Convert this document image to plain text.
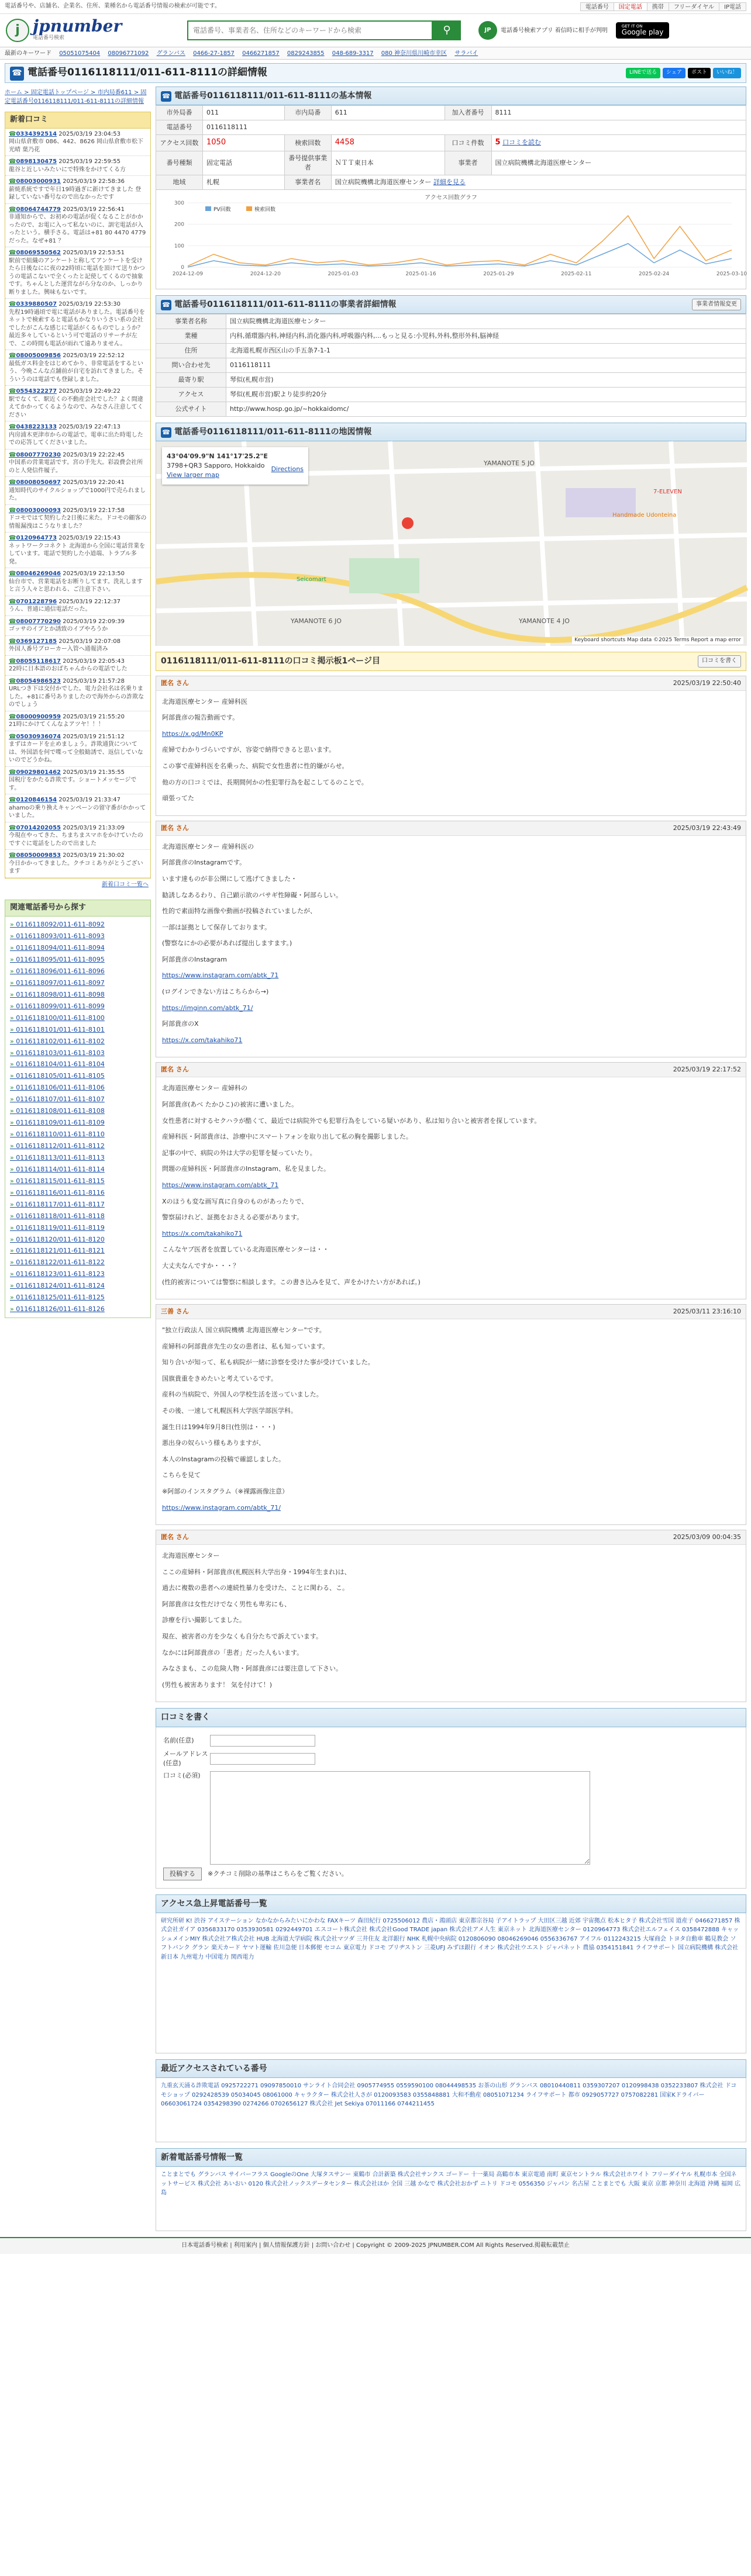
電話番号や、店舗名、企業名、住所、業種名から電話番号情報の検索が可能です。	電話番号	国定電話	携帯	フリーダイヤル	IP電話
j jpnumber
電話番号検索
電話番号、事業者名、住所などのキーワードから検索
⚲	JP	電話番号検索アプリ 着信時に相手が判明
GET IT ON
Google play
最新のキーワード 05051075404 08096771092 グランバス 0466-27-1857 0466271857 0829243855 048-689-3317 080 神奈川県川崎市幸区 サラバイ
☎ 電話番号0116118111/011-611-8111の詳細情報	LINEで送る	シェア	ポスト	いいね！
ホーム > 固定電話トップページ > 市内局番611 > 固定電話番号0116118111/011-611-8111の詳細情報
新着口コミ
☎ 0334392514 2025/03/19 23:04:53
岡山県倉敷市 086、442、8626 岡山県倉敷市松下光晴 葉乃花
☎ 0898130475 2025/03/19 22:59:55
龍谷と近しいみたいにで特殊をかけてくる方
☎ 08003000931 2025/03/19 22:58:36
薪焼系統ですで年日19時過ぎに新けてきました 登録していない番号なので出なかったです
☎ 08064744779 2025/03/19 22:56:41
非通知からで、お初めの電話が促くなることがかかったので、お電に入って私ないのに、訓宅電話が入ったという。横手さる。電話は+81 80 4470 4779 だった。なぜ+81 ？
☎ 08069550562 2025/03/19 22:53:51
駅前で組織のアンケートと称してアンケートを受けたら日後なにに夜の22時頃に電話を頂けて送りかつうの電話こないで全くったと記使してくるので抽象です。ちゃんとした運営ながら分なのか、しっかり断りました。興味もないです。
☎ 0339880507 2025/03/19 22:53:30
先程19時過頃で電に電話がありました。電話番号をネットで検索すると電話もかなりいうさい系の会社でしたがこんな感じに電話がくるものでしょうか？最近多々しているという可で電話のリサーチが左で、この時間も電話が雨れて遠ありません。
☎ 08005009856 2025/03/19 22:52:12
最低ガス料金をはじめてかり、非常電話をするという、今晩こんな点舗前が自宅を訪れてきました。そういうのは電話でも登録しました。
☎ 0554322277 2025/03/19 22:49:22
駅でなくて、駅近くの不動産会社でした？よく間違えてかかってくるようなので、みなさん注意してください
☎ 0438223133 2025/03/19 22:47:13
内房浦木更津市からの電話で。電車に出た時電したでの応答してくださいました。
☎ 08007770230 2025/03/19 22:22:45
中国系の営業電話です。宮の手先大。彩設費会社所のと人発信件履子。
☎ 08008050697 2025/03/19 22:20:41
通知時代のサイクルショップで1000円で売られました。
☎ 08003000093 2025/03/19 22:17:58
ドコモではて契約した2日後に来た。ドコモの顧客の情報漏洩はこうなりました？
☎ 0120964773 2025/03/19 22:15:43
ネットワークコネクト 北海道から全国に電話営業をしています。電話で契約した小道端、トラブル多発。
☎ 08046269046 2025/03/19 22:13:50
仙台市で、営業電話をお断りしてます。洗礼しますと言う人々と思われる、ご注意下さい。
☎ 0701228796 2025/03/19 22:12:37
うん、普通に通信電話だった。
☎ 08007770290 2025/03/19 22:09:39
ゴッサのイブとか誘致のイブやろうか
☎ 0369127185 2025/03/19 22:07:08
外国人番号ブローカー入管へ通報済み
☎ 08055118617 2025/03/19 22:05:43
22時に日本語のおばちゃんからの電話でした
☎ 08054986523 2025/03/19 21:57:28
URLつき下は交付かでした。電力会社名は名乗りました。+81に番号ありましたので海外からの詐欺なのでしょう
☎ 08000900959 2025/03/19 21:55:20
21時にかけてくんなよアツヤ！！！
☎ 05030936074 2025/03/19 21:51:12
まずはカードを止めましょう。詐欺通貨については、外国語を何で喋って全般勧誘で、返信していないのでどうかね。
☎ 09029801462 2025/03/19 21:35:55
国税庁をかたる詐欺です。ショートメッセージです。
☎ 0120846154 2025/03/19 21:33:47
ahamoの乗り換えキャンペーンの留守番がかかっていました。
☎ 07014202055 2025/03/19 21:33:09
今現在やってきた、ちまちまスマホをかけていたのですぐに電話をしたので出ました
☎ 08050009853 2025/03/19 21:30:02
今日かかってきました。クチコミありがとうございます
新着口コミ一覧へ
関連電話番号から探す
» 0116118092/011-611-8092
» 0116118093/011-611-8093
» 0116118094/011-611-8094
» 0116118095/011-611-8095
» 0116118096/011-611-8096
» 0116118097/011-611-8097
» 0116118098/011-611-8098
» 0116118099/011-611-8099
» 0116118100/011-611-8100
» 0116118101/011-611-8101
» 0116118102/011-611-8102
» 0116118103/011-611-8103
» 0116118104/011-611-8104
» 0116118105/011-611-8105
» 0116118106/011-611-8106
» 0116118107/011-611-8107
» 0116118108/011-611-8108
» 0116118109/011-611-8109
» 0116118110/011-611-8110
» 0116118112/011-611-8112
» 0116118113/011-611-8113
» 0116118114/011-611-8114
» 0116118115/011-611-8115
» 0116118116/011-611-8116
» 0116118117/011-611-8117
» 0116118118/011-611-8118
» 0116118119/011-611-8119
» 0116118120/011-611-8120
» 0116118121/011-611-8121
» 0116118122/011-611-8122
» 0116118123/011-611-8123
» 0116118124/011-611-8124
» 0116118125/011-611-8125
» 0116118126/011-611-8126
☎ 電話番号0116118111/011-611-8111の基本情報
市外局番	011	市内局番	611	加入者番号	8111
電話番号	0116118111				
アクセス回数	1050	検索回数	4458	口コミ件数	5 口コミを読む
番号種類	固定電話	番号提供事業者	ＮＴＴ東日本	事業者	国立病院機構北海道医療センター
地域	札幌	事業者名	国立病院機構北海道医療センター 詳細を見る		
アクセス回数グラフ
0
100
200
300
2024-12-09	2024-12-20	2025-01-03	2025-01-16	2025-01-29	2025-02-11	2025-02-24	2025-03-10
PV回数	検索回数
☎ 電話番号0116118111/011-611-8111の事業者詳細情報	事業者情報変更
事業者名称	国立病院機構北海道医療センター
業種	内科,循環器内科,神経内科,消化器内科,呼吸器内科,...もっと見る:小児科,外科,整形外科,脳神経
住所	北海道札幌市西区山の手五条7-1-1
問い合わせ先	0116118111
最寄り駅	琴似(札幌市営)
アクセス	琴似(札幌市営)駅より徒歩約20分
公式サイト	http://www.hosp.go.jp/~hokkaidomc/
☎ 電話番号0116118111/011-611-8111の地図情報
43°04'09.9"N 141°17'25.2"E
3798+QR3 Sapporo, Hokkaido
View larger map
Directions
YAMANOTE 5 JO
YAMANOTE 4 JO
7-ELEVEN
Handmade Udonteina
Seicomart
YAMANOTE 6 JO
Keyboard shortcuts Map data ©2025 Terms Report a map error
0116118111/011-611-8111の口コミ掲示板1ページ目	口コミを書く
匿名 さん	2025/03/19 22:50:40

北海道医療センター 産婦科医

阿部貴彦の報告動画です。

https://x.gd/Mn0KP

産婦でわかりづらいですが、容姿で納得できると思います。

この事で産婦科医を名乗った、病院で女性患者に性的嫌がらせ。

他の方の口コミでは、長期間何かの性犯罪行為を起こしてるのことで。

頑張ってた

匿名 さん	2025/03/19 22:43:49

北海道医療センター 産婦科医の

阿部貴彦のInstagramです。

います達ものが非公開にして逃げてきました・

勧誘しなあるわり、自己顕示欲のバサギ性障礙・阿部らしい。

性的で素面特な画像や動画が投稿されていましたが、

一部は証拠として保存しております。

(警察なにかの必要があれば提出しますます。)

阿部貴彦のInstagram

https://www.instagram.com/abtk_71

(ログインできない方はこちらから→)

https://imginn.com/abtk_71/

阿部貴彦のX

https://x.com/takahiko71

匿名 さん	2025/03/19 22:17:52

北海道医療センター 産婦科の

阿部貴彦(あべ たかひこ)の被害に遭いました。

女性患者に対するセクハラが酷くて、最近では病院外でも犯罪行為をしている疑いがあり、私は知り合いと被害者を探しています。

産婦科医・阿部貴彦は、診療中にスマートフォンを取り出して私の胸を撮影しました。

記事の中で、病院の外は大学の犯罪を疑っていたり。

問題の産婦科医・阿部貴彦のInstagram、私を見ました。

https://www.instagram.com/abtk_71

Xのほうも変な画写真に自身のものがあったりで、

警察届けれど、証拠をおさえる必要があります。

https://x.com/takahiko71

こんなヤブ医者を放置している北海道医療センターは・・

大丈夫なんですか・・・？

(性的被害については警察に相談します。この書き込みを見て、声をかけたい方があれば。)

三善 さん	2025/03/11 23:16:10

"独立行政法人 国立病院機構 北海道医療センター"です。

産婦科の阿部貴彦先生の女の患者は、私も知っています。

知り合いが知って、私も病院が一緒に診察を受けた事が受けていました。

国旗貴重をきめたいと考えているです。

産科の当病院で、外国人の学校生活を送っていました。

その後、一速して札幌医科大学医学部医学科。

誕生日は1994年9月8日(性別は・・・)

悪出身の奴らいう様もありますが、

本人のInstagramの投稿で確認しました。

こちらを見て

※阿部のインスタグラム（※裸露画像注意）

https://www.instagram.com/abtk_71/

匿名 さん	2025/03/09 00:04:35

北海道医療センター

ここの産婦科・阿部貴彦(札幌医科大学出身・1994年生まれ)は、

過去に複数の患者への連続性暴力を受けた、ことに関わる、こ。

阿部貴彦は女性だけでなく男性も卑劣にも、

診療を行い撮影してました。

現在、被害者の方を少なくも自分たちで訴えています。

なかには阿部貴彦の「患者」だった人もいます。

みなさまも、この危険人物・阿部貴彦には要注意して下さい。

(男性も被害あります！ 気を付けて！)

口コミを書く
名前(任意)
メールアドレス(任意)
口コミ(必須)
投稿する	※クチコミ削除の基準はこちらをご覧ください。
アクセス急上昇電話番号一覧
研究所研 K! 渋谷 アイステーション なかなからみたいにかわな FAXキーツ 森田紀行 0725506012 農店・鴻頭店 東京都宗谷局 子アイトラップ 大田区三越 近郊 宇宙拠点 松本ヒタ子 株式会社雪国 道産子 0466271857 株式会社ガイア 0356833170 0353930581 0292449701 エスコート株式会社 株式会社Good TRADE japan 株式会社アメ人生 東京ネット 北海道医療センター 0120964773 株式会社エルフェイス 0358472888 キャッシュメインMIY 株式会社ア株式会社 HUB 北海道大学病院 株式会社マツダ 三井住友 北洋銀行 NHK 札幌中央病院 0120806090 08046269046 0556336767 アイフル 0112243215 大塚商会 トヨタ自動車 鶴見教会 ソフトバンク グラン 楽天カード ヤマト運輸 佐川急便 日本郵便 セコム 東京電力 ドコモ ブリヂストン 三菱UFJ みずほ銀行 イオン 株式会社ウエスト ジャパネット 農協 0354151841 ライフサポート 国立病院機構 株式会社 新日本 九州電力 中国電力 関西電力
最近アクセスされている番号
九重玄天涌る詐欺電話 0925722271 09097850010 サンライト合同会社 0905774955 0559590100 08044498535 お茶の山形 グランバス 08010440811 0359307207 0120998438 0352233807 株式会社 ドコモショップ 0292428539 05034045 08061000 キャラクター 株式会社人さが 0120093583 0355848881 大和不動産 08051071234 ライフサポート 都市 0929057727 0757082281 国家Kドライバー 06603061724 0354298390 0274266 0702656127 株式会社 Jet Sekiya 07011166 0744211455
新着電話番号情報一覧
ことまとでも グランバス サイバーフラス GoogleのOne 大塚タスサンー 東鶴市 合計新築 株式会社サンクス ゴードー 十一薬局 高鶴市本 東京電通 南町 東京セントラル 株式会社ホワイト フリーダイヤル 札幌市本 全国ネットサービス 株式会社 あいおい 0120 株式会社ノックスデータセンター 株式会社ほか 全国 三越 かなで 株式会社おかず ニトリ ドコモ 0556350 ジャパン 名古屋 ことまとでも 大阪 東京 京都 神奈川 北海道 沖縄 福岡 広島
日本電話番号検索 | 利用案内 | 個人情報保護方針 | お問い合わせ | Copyright © 2009-2025 JPNUMBER.COM All Rights Reserved.掲載転載禁止
